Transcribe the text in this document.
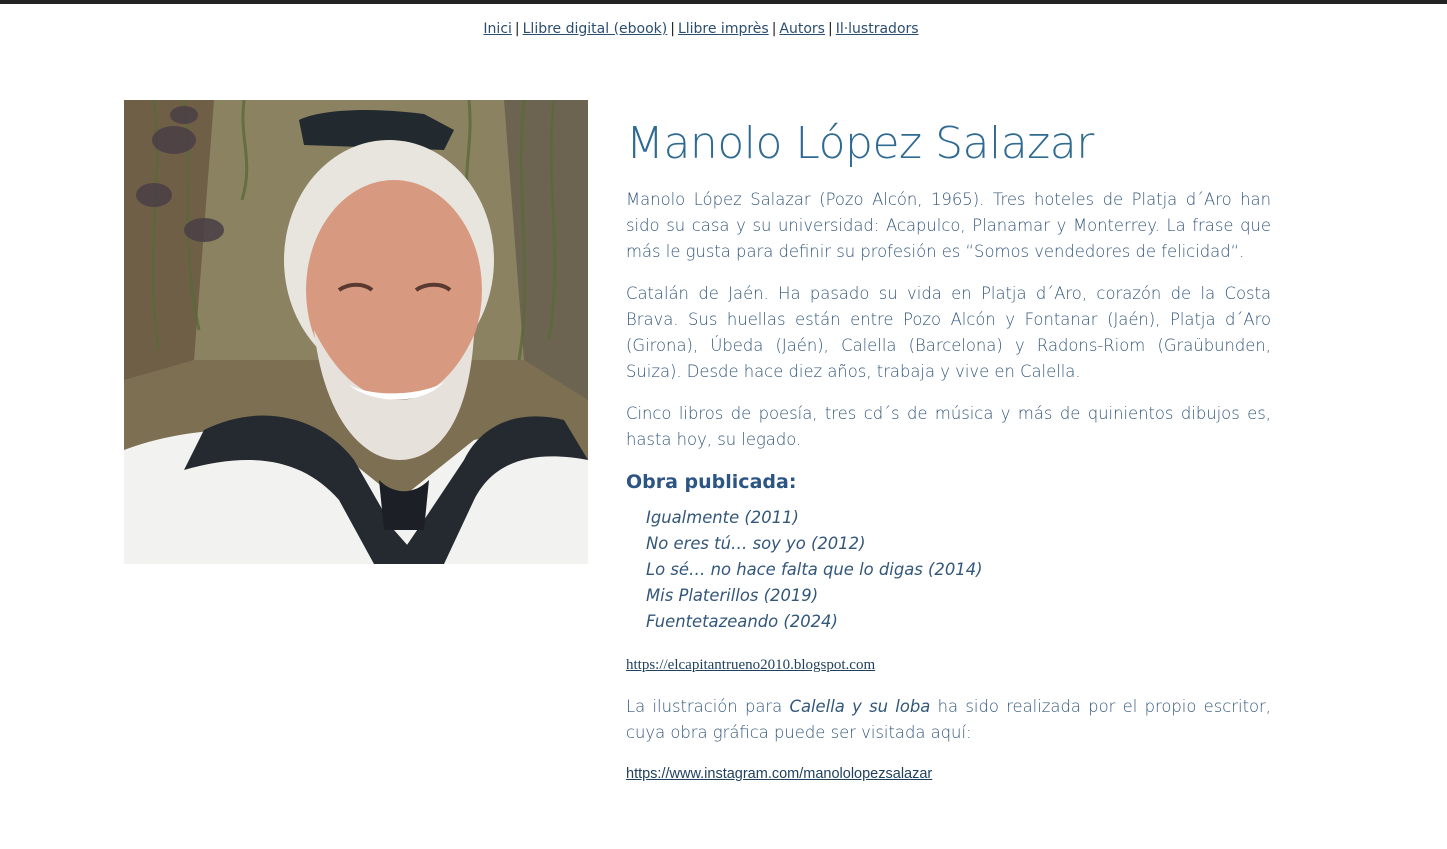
Inici | Llibre digital (ebook) | Llibre imprès | Autors | Il·lustradors
Manolo López Salazar

Manolo López Salazar (Pozo Alcón, 1965). Tres hoteles de Platja d´Aro han sido su casa y su universidad: Acapulco, Planamar y Monterrey. La frase que más le gusta para definir su profesión es “Somos vendedores de felicidad“.

Catalán de Jaén. Ha pasado su vida en Platja d´Aro, corazón de la Costa Brava. Sus huellas están entre Pozo Alcón y Fontanar (Jaén), Platja d´Aro (Girona), Úbeda (Jaén), Calella (Barcelona) y Radons-Riom (Graübunden, Suiza). Desde hace diez años, trabaja y vive en Calella.

Cinco libros de poesía, tres cd´s de música y más de quinientos dibujos es, hasta hoy, su legado.

Obra publicada:
Igualmente (2011)
No eres tú… soy yo (2012)
Lo sé… no hace falta que lo digas (2014)
Mis Platerillos (2019)
Fuentetazeando (2024)
https://elcapitantrueno2010.blogspot.com

La ilustración para Calella y su loba ha sido realizada por el propio escritor, cuya obra gráfica puede ser visitada aquí:

https://www.instagram.com/manololopezsalazar
